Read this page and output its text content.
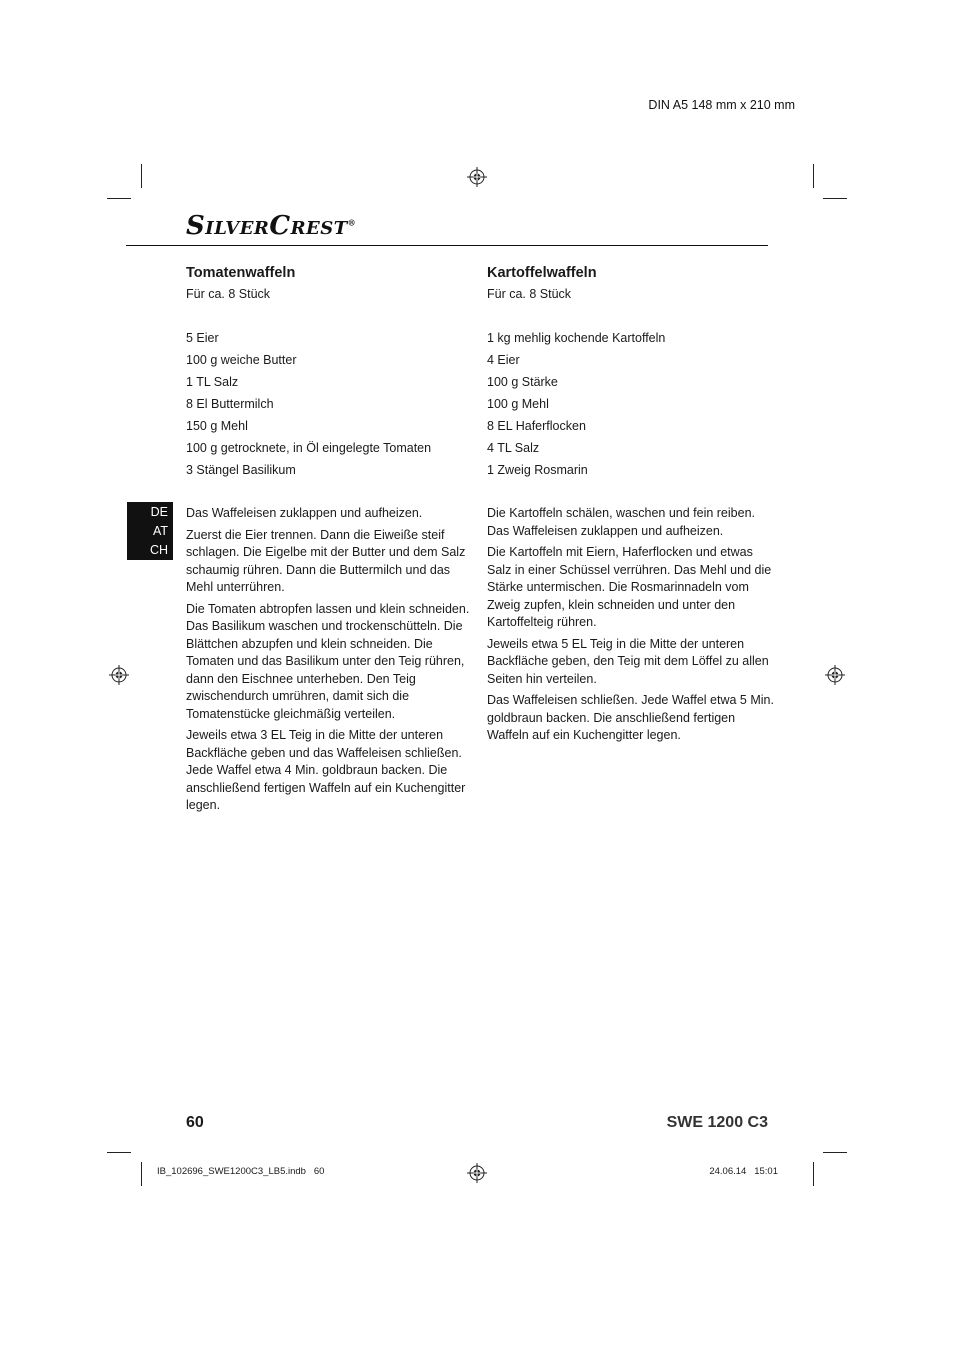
DIN A5 148 mm x 210 mm
SILVERCREST®
DE
AT
CH
Tomatenwaffeln

Für ca. 8 Stück

5 Eier
100 g weiche Butter
1 TL Salz
8 El Buttermilch
150 g Mehl
100 g getrocknete, in Öl eingelegte Tomaten
3 Stängel Basilikum

Das Waffeleisen zuklappen und aufheizen.

Zuerst die Eier trennen. Dann die Eiweiße steif schlagen. Die Eigelbe mit der Butter und dem Salz schaumig rühren. Dann die Buttermilch und das Mehl unterrühren.

Die Tomaten abtropfen lassen und klein schneiden. Das Basilikum waschen und trockenschütteln. Die Blättchen abzupfen und klein schneiden. Die Tomaten und das Basilikum unter den Teig rühren, dann den Eischnee unterheben. Den Teig zwischendurch umrühren, damit sich die Tomatenstücke gleichmäßig verteilen.

Jeweils etwa 3 EL Teig in die Mitte der unteren Backfläche geben und das Waffeleisen schließen. Jede Waffel etwa 4 Min. goldbraun backen. Die anschließend fertigen Waffeln auf ein Kuchengitter legen.

Kartoffelwaffeln

Für ca. 8 Stück

1 kg mehlig kochende Kartoffeln
4 Eier
100 g Stärke
100 g Mehl
8 EL Haferflocken
4 TL Salz
1 Zweig Rosmarin

Die Kartoffeln schälen, waschen und fein reiben. Das Waffeleisen zuklappen und aufheizen.

Die Kartoffeln mit Eiern, Haferflocken und etwas Salz in einer Schüssel verrühren. Das Mehl und die Stärke untermischen. Die Rosmarinnadeln vom Zweig zupfen, klein schneiden und unter den Kartoffelteig rühren.

Jeweils etwa 5 EL Teig in die Mitte der unteren Backfläche geben, den Teig mit dem Löffel zu allen Seiten hin verteilen.

Das Waffeleisen schließen. Jede Waffel etwa 5 Min. goldbraun backen. Die anschließend fertigen Waffeln auf ein Kuchengitter legen.

60	SWE 1200 C3
IB_102696_SWE1200C3_LB5.indb   60	24.06.14   15:01
